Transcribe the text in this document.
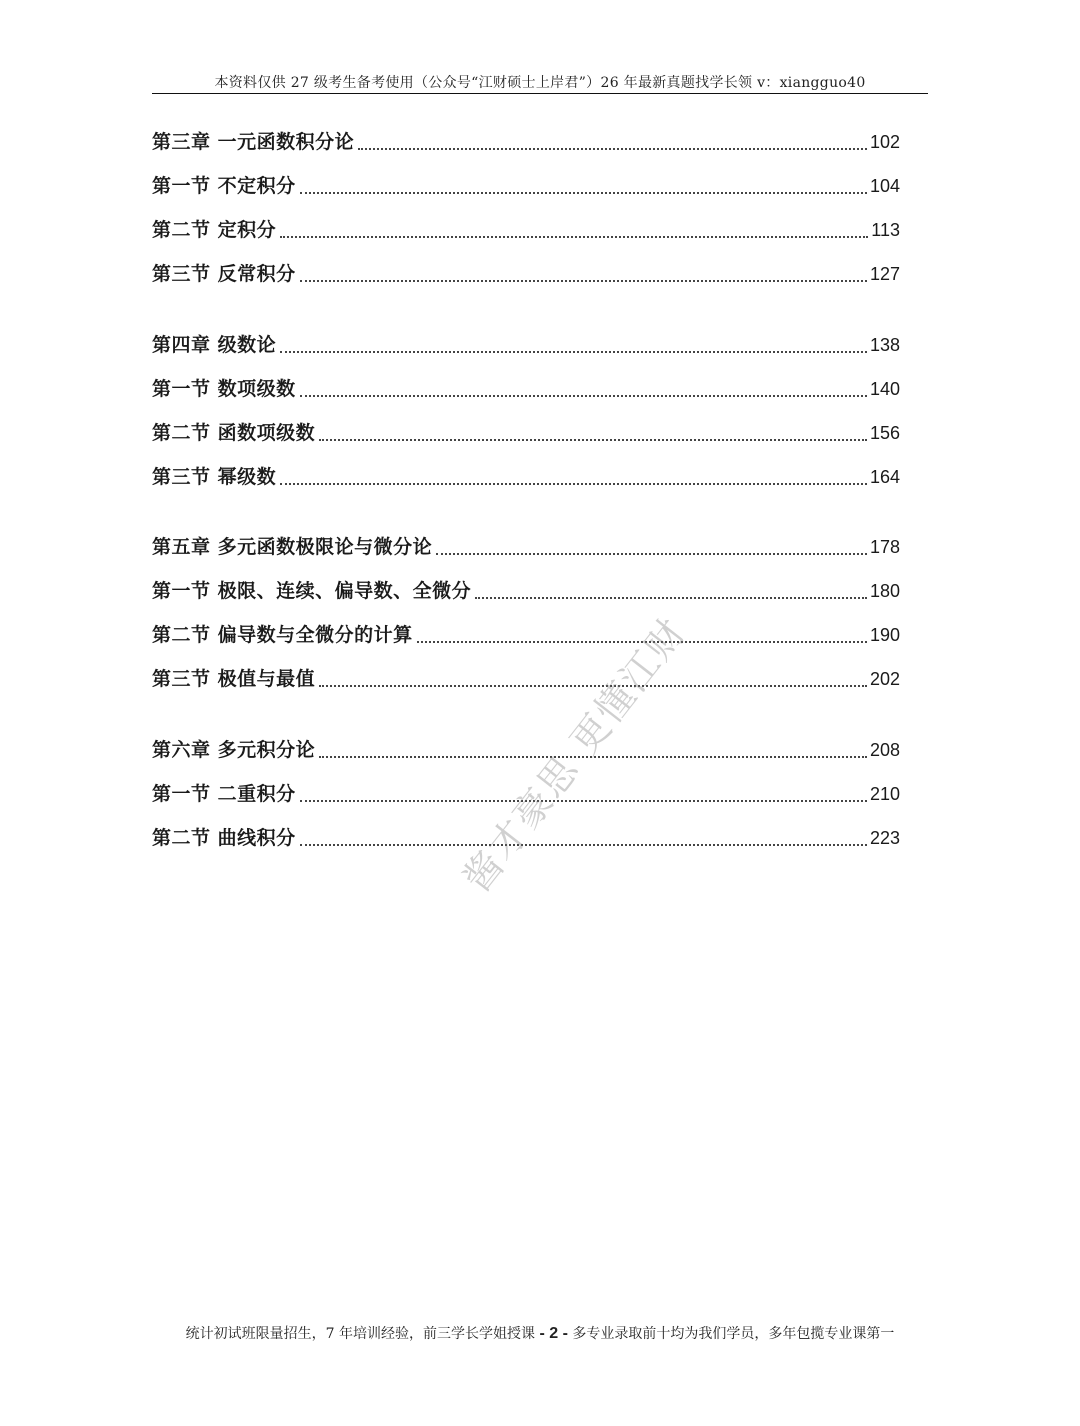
本资料仅供 27 级考生备考使用（公众号“江财硕士上岸君”）26 年最新真题找学长领 v：xiangguo40
第三章 一元函数积分论	102
第一节 不定积分	104
第二节 定积分	113
第三节 反常积分	127
第四章 级数论	138
第一节 数项级数	140
第二节 函数项级数	156
第三节 幂级数	164
第五章 多元函数极限论与微分论	178
第一节 极限、连续、偏导数、全微分	180
第二节 偏导数与全微分的计算	190
第三节 极值与最值	202
第六章 多元积分论	208
第一节 二重积分	210
第二节 曲线积分	223
酱才豪思 更懂江财
统计初试班限量招生，7 年培训经验，前三学长学姐授课 - 2 - 多专业录取前十均为我们学员，多年包揽专业课第一
